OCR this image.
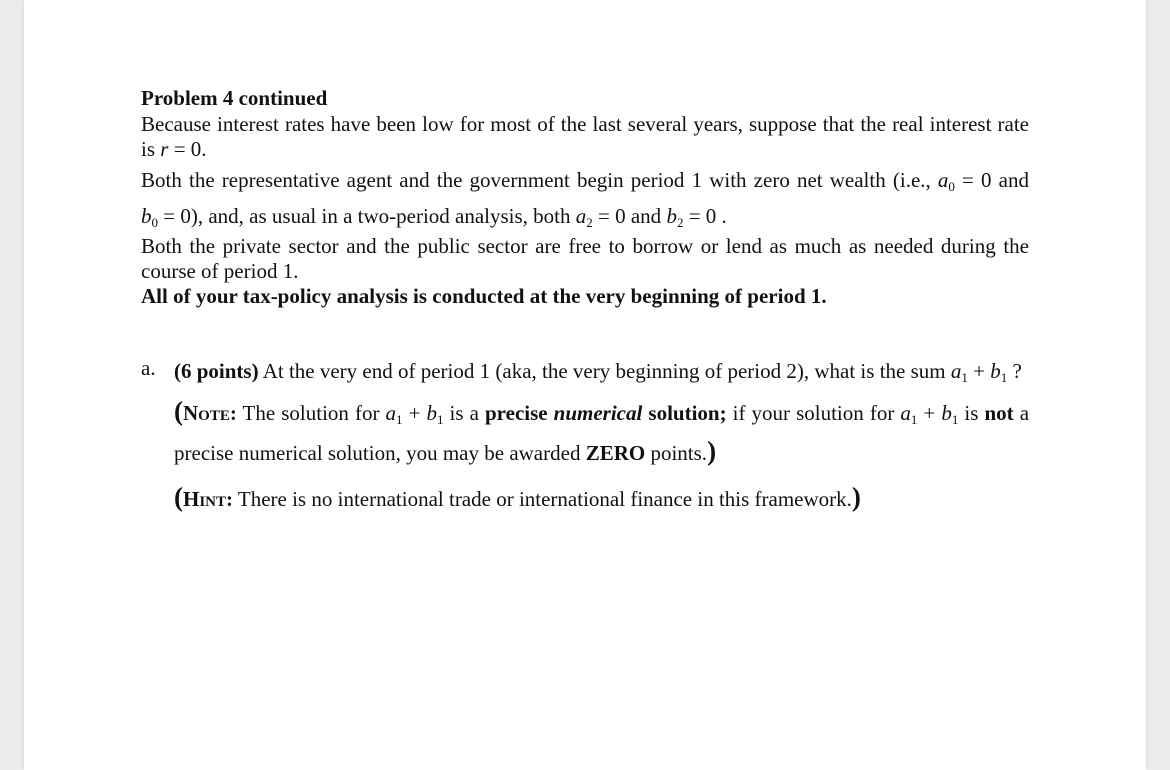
Problem 4 continued

Because interest rates have been low for most of the last several years, suppose that the real interest rate is r = 0.

Both the representative agent and the government begin period 1 with zero net wealth (i.e., $a_0 = 0$ and $b_0 = 0$), and, as usual in a two-period analysis, both $a_2 = 0$ and $b_2 = 0$ .

Both the private sector and the public sector are free to borrow or lend as much as needed during the course of period 1.

All of your tax-policy analysis is conducted at the very beginning of period 1.

a. (6 points) At the very end of period 1 (aka, the very beginning of period 2), what is the sum $a_1 + b_1$ ?

(Note: The solution for $a_1 + b_1$ is a precise numerical solution; if your solution for $a_1 + b_1$ is not a precise numerical solution, you may be awarded ZERO points.)

(Hint: There is no international trade or international finance in this framework.)
